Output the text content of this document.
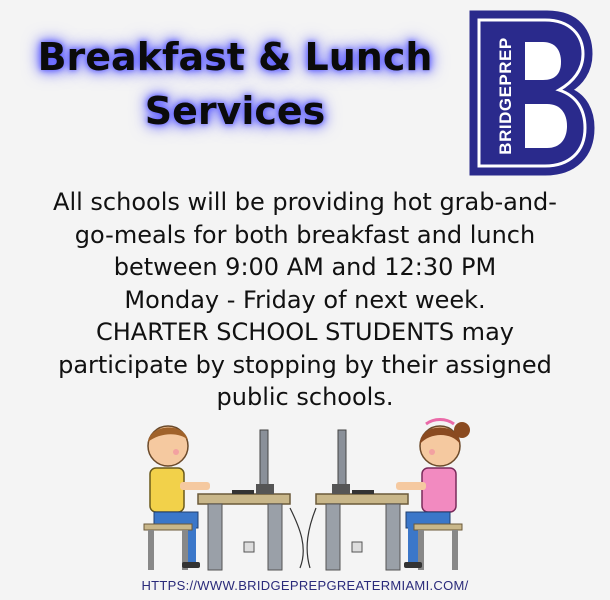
Breakfast & Lunch
Services	BRIDGEPREP

All schools will be providing hot grab-and-
go-meals for both breakfast and lunch
between 9:00 AM and 12:30 PM
Monday - Friday of next week.
CHARTER SCHOOL STUDENTS may
participate by stopping by their assigned
public schools.

HTTPS://WWW.BRIDGEPREPGREATERMIAMI.COM/
